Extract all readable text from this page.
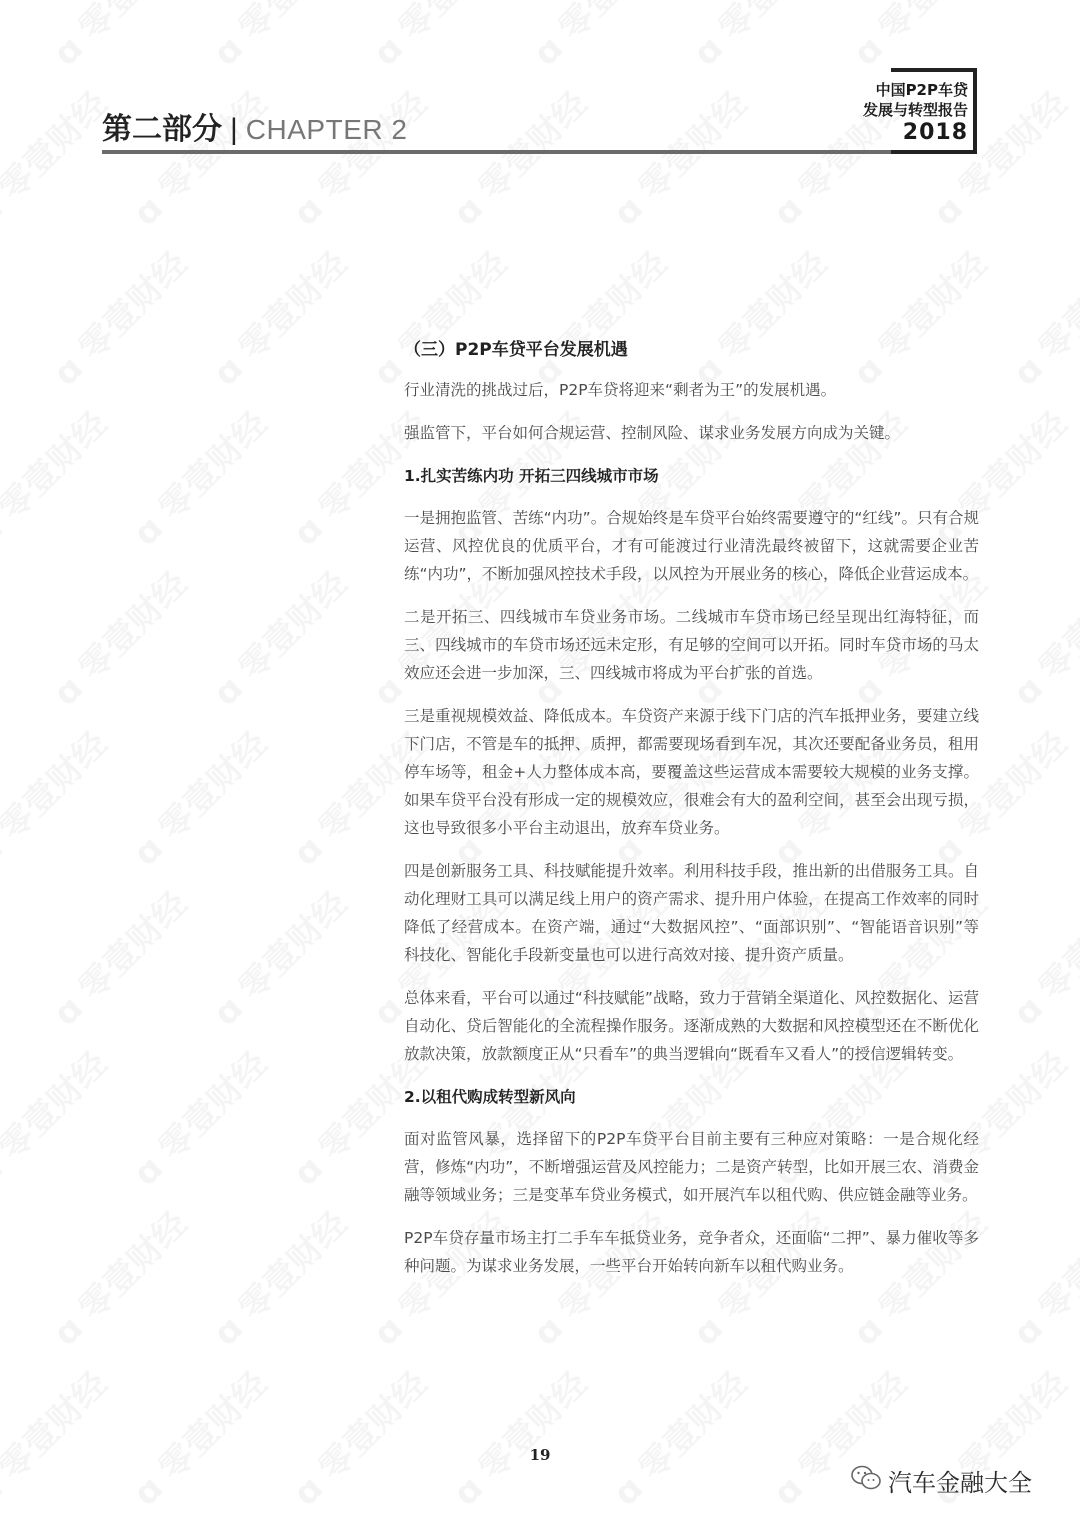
第二部分 | CHAPTER 2
中国P2P车贷
发展与转型报告
2018
（三）P2P车贷平台发展机遇

行业清洗的挑战过后，P2P车贷将迎来“剩者为王”的发展机遇。

强监管下，平台如何合规运营、控制风险、谋求业务发展方向成为关键。

1.扎实苦练内功 开拓三四线城市市场

一是拥抱监管、苦练“内功”。合规始终是车贷平台始终需要遵守的“红线”。只有合规运营、风控优良的优质平台，才有可能渡过行业清洗最终被留下，这就需要企业苦练“内功”，不断加强风控技术手段，以风控为开展业务的核心，降低企业营运成本。

二是开拓三、四线城市车贷业务市场。二线城市车贷市场已经呈现出红海特征，而三、四线城市的车贷市场还远未定形，有足够的空间可以开拓。同时车贷市场的马太效应还会进一步加深，三、四线城市将成为平台扩张的首选。

三是重视规模效益、降低成本。车贷资产来源于线下门店的汽车抵押业务，要建立线下门店，不管是车的抵押、质押，都需要现场看到车况，其次还要配备业务员，租用停车场等，租金+人力整体成本高，要覆盖这些运营成本需要较大规模的业务支撑。如果车贷平台没有形成一定的规模效应，很难会有大的盈利空间，甚至会出现亏损，这也导致很多小平台主动退出，放弃车贷业务。

四是创新服务工具、科技赋能提升效率。利用科技手段，推出新的出借服务工具。自动化理财工具可以满足线上用户的资产需求、提升用户体验，在提高工作效率的同时降低了经营成本。在资产端，通过“大数据风控”、“面部识别”、“智能语音识别”等科技化、智能化手段新变量也可以进行高效对接、提升资产质量。

总体来看，平台可以通过“科技赋能”战略，致力于营销全渠道化、风控数据化、运营自动化、贷后智能化的全流程操作服务。逐渐成熟的大数据和风控模型还在不断优化放款决策，放款额度正从“只看车”的典当逻辑向“既看车又看人”的授信逻辑转变。

2.以租代购成转型新风向

面对监管风暴，选择留下的P2P车贷平台目前主要有三种应对策略：一是合规化经营，修炼“内功”，不断增强运营及风控能力；二是资产转型，比如开展三农、消费金融等领域业务；三是变革车贷业务模式，如开展汽车以租代购、供应链金融等业务。

P2P车贷存量市场主打二手车车抵贷业务，竞争者众，还面临“二押”、暴力催收等多种问题。为谋求业务发展，一些平台开始转向新车以租代购业务。

19
汽车金融大全
